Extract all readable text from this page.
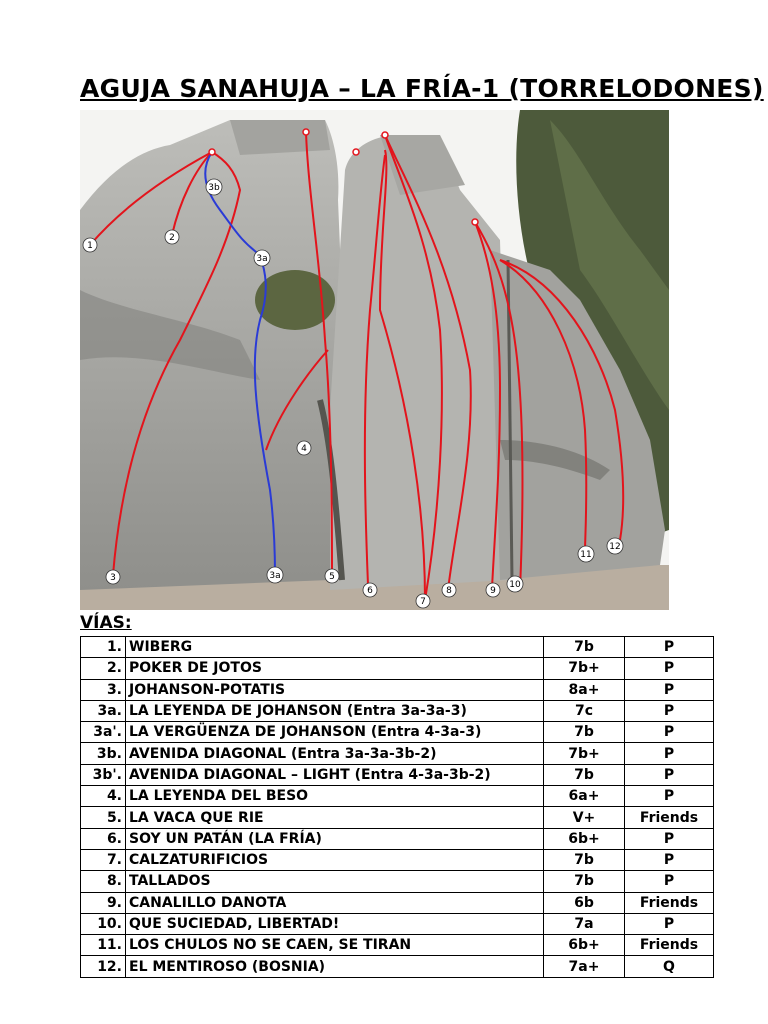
AGUJA SANAHUJA – LA FRÍA-1 (TORRELODONES)
1
2
3b
3a
4
3	3a	5
6
7
8	9
10
11
12
VÍAS:
1.	WIBERG	7b	P
2.	POKER DE JOTOS	7b+	P
3.	JOHANSON-POTATIS	8a+	P
3a.	LA LEYENDA DE JOHANSON (Entra 3a-3a-3)	7c	P
3a'.	LA VERGÜENZA DE JOHANSON (Entra 4-3a-3)	7b	P
3b.	AVENIDA DIAGONAL (Entra 3a-3a-3b-2)	7b+	P
3b'.	AVENIDA DIAGONAL – LIGHT (Entra 4-3a-3b-2)	7b	P
4.	LA LEYENDA DEL BESO	6a+	P
5.	LA VACA QUE RIE	V+	Friends
6.	SOY UN PATÁN (LA FRÍA)	6b+	P
7.	CALZATURIFICIOS	7b	P
8.	TALLADOS	7b	P
9.	CANALILLO DANOTA	6b	Friends
10.	QUE SUCIEDAD, LIBERTAD!	7a	P
11.	LOS CHULOS NO SE CAEN, SE TIRAN	6b+	Friends
12.	EL MENTIROSO (BOSNIA)	7a+	Q
